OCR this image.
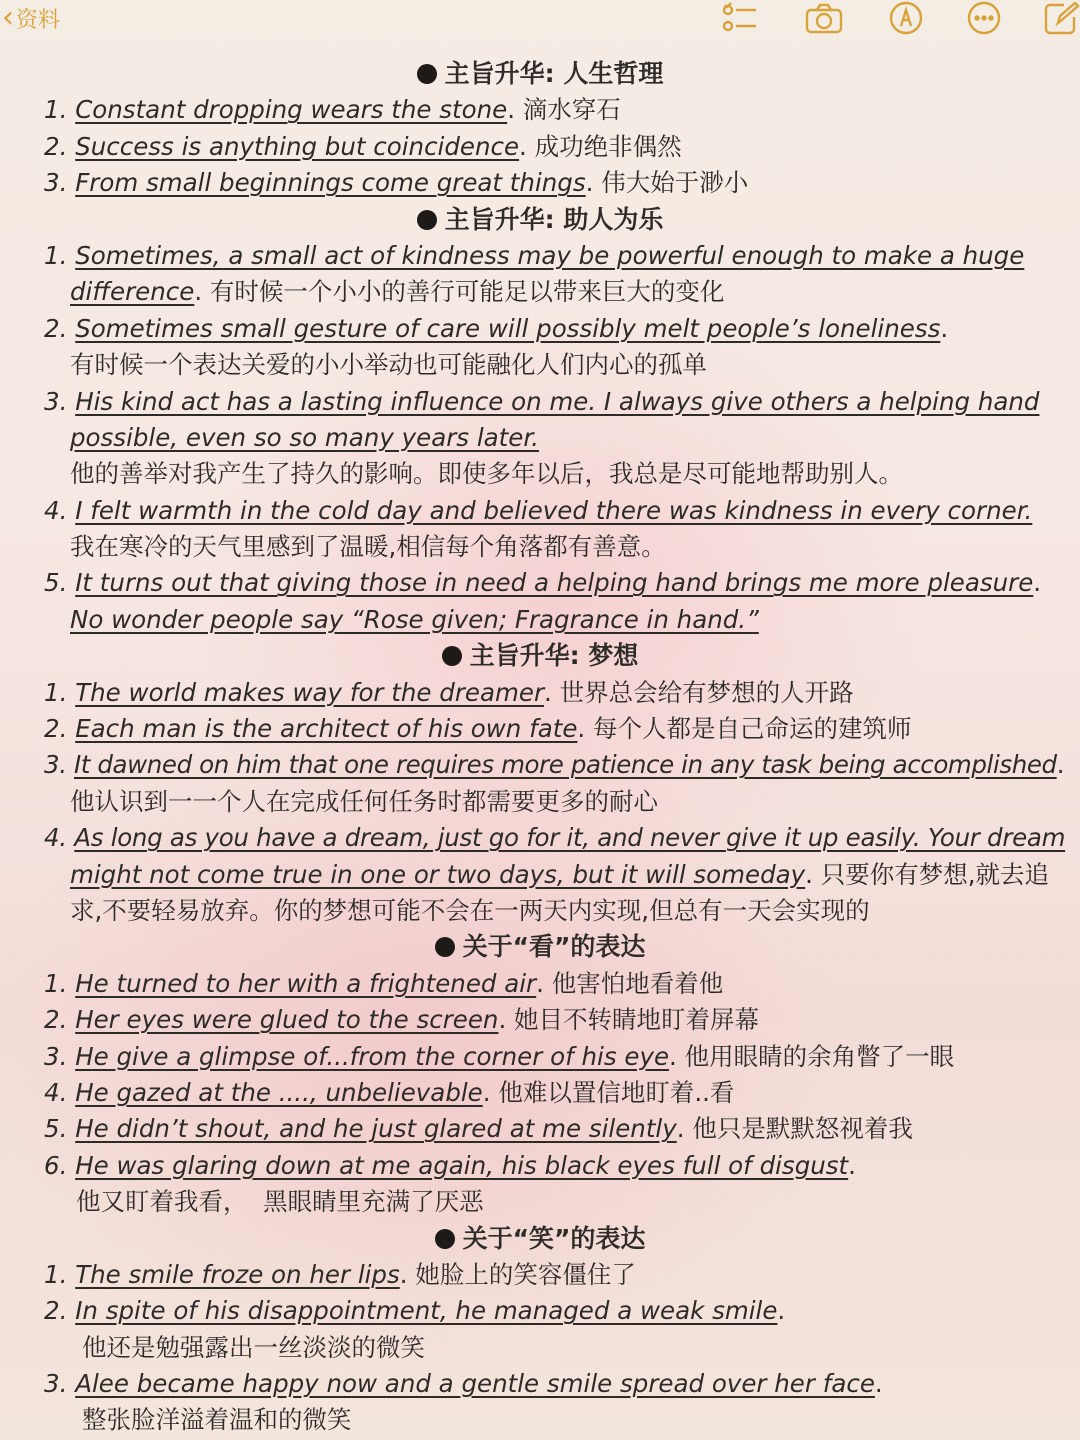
‹ 资料
主旨升华: 人生哲理
1. Constant dropping wears the stone. 滴水穿石
2. Success is anything but coincidence. 成功绝非偶然
3. From small beginnings come great things. 伟大始于渺小
主旨升华: 助人为乐
1. Sometimes, a small act of kindness may be powerful enough to make a huge
difference. 有时候一个小小的善行可能足以带来巨大的变化
2. Sometimes small gesture of care will possibly melt people’s loneliness.
有时候一个表达关爱的小小举动也可能融化人们内心的孤单
3. His kind act has a lasting influence on me. I always give others a helping hand
possible, even so so many years later.
他的善举对我产生了持久的影响。即使多年以后，我总是尽可能地帮助别人。
4. I felt warmth in the cold day and believed there was kindness in every corner.
我在寒冷的天气里感到了温暖,相信每个角落都有善意。
5. It turns out that giving those in need a helping hand brings me more pleasure.
No wonder people say “Rose given; Fragrance in hand.”
主旨升华: 梦想
1. The world makes way for the dreamer. 世界总会给有梦想的人开路
2. Each man is the architect of his own fate. 每个人都是自己命运的建筑师
3. It dawned on him that one requires more patience in any task being accomplished.
他认识到一一个人在完成任何任务时都需要更多的耐心
4. As long as you have a dream, just go for it, and never give it up easily. Your dream
might not come true in one or two days, but it will someday. 只要你有梦想,就去追
求,不要轻易放弃。你的梦想可能不会在一两天内实现,但总有一天会实现的
关于“看”的表达
1. He turned to her with a frightened air. 他害怕地看着他
2. Her eyes were glued to the screen. 她目不转睛地盯着屏幕
3. He give a glimpse of...from the corner of his eye. 他用眼睛的余角瞥了一眼
4. He gazed at the ...., unbelievable. 他难以置信地盯着..看
5. He didn’t shout, and he just glared at me silently. 他只是默默怒视着我
6. He was glaring down at me again, his black eyes full of disgust.
他又盯着我看，  黑眼睛里充满了厌恶
关于“笑”的表达
1. The smile froze on her lips. 她脸上的笑容僵住了
2. In spite of his disappointment, he managed a weak smile.
他还是勉强露出一丝淡淡的微笑
3. Alee became happy now and a gentle smile spread over her face.
整张脸洋溢着温和的微笑
